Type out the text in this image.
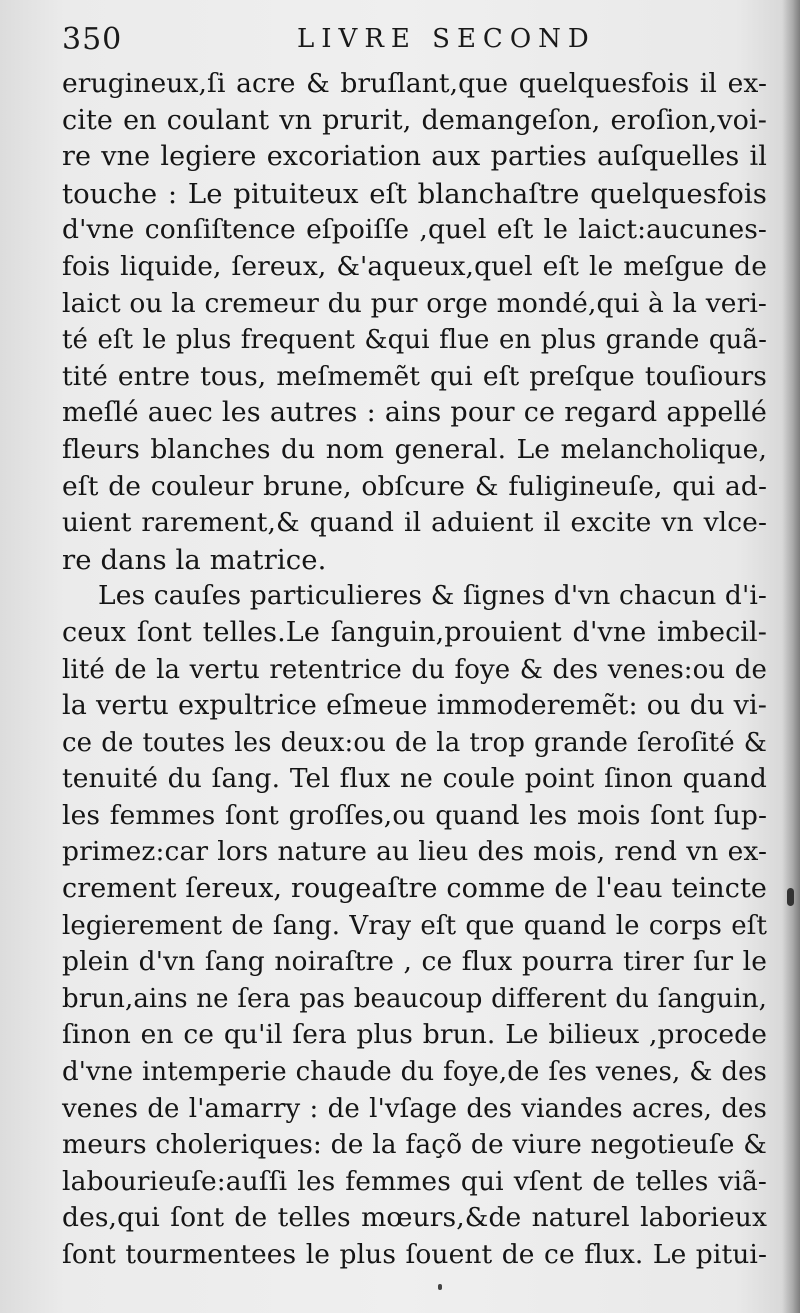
350	LIVRE SECOND
erugineux,ſi acre & bruſlant,que quelquesfois il ex-
cite en coulant vn prurit, demangeſon, eroſion,voi-
re vne legiere excoriation aux parties auſquelles il
touche : Le pituiteux eſt blanchaſtre quelquesfois
d'vne conſiſtence eſpoiſſe ,quel eſt le laict:aucunes-
fois liquide, ſereux, &'aqueux,quel eſt le meſgue de
laict ou la cremeur du pur orge mondé,qui à la veri-
té eſt le plus frequent &qui flue en plus grande quã-
tité entre tous, meſmemẽt qui eſt preſque touſiours
meſlé auec les autres : ains pour ce regard appellé
fleurs blanches du nom general. Le melancholique,
eſt de couleur brune, obſcure & fuligineuſe, qui ad-
uient rarement,& quand il aduient il excite vn vlce-
re dans la matrice.
Les cauſes particulieres & ſignes d'vn chacun d'i-
ceux ſont telles.Le ſanguin,prouient d'vne imbecil-
lité de la vertu retentrice du foye & des venes:ou de
la vertu expultrice eſmeue immoderemẽt: ou du vi-
ce de toutes les deux:ou de la trop grande ſeroſité &
tenuité du ſang. Tel flux ne coule point ſinon quand
les femmes ſont groſſes,ou quand les mois ſont ſup-
primez:car lors nature au lieu des mois, rend vn ex-
crement ſereux, rougeaſtre comme de l'eau teincte
legierement de ſang. Vray eſt que quand le corps eſt
plein d'vn ſang noiraſtre , ce flux pourra tirer ſur le
brun,ains ne ſera pas beaucoup different du ſanguin,
ſinon en ce qu'il ſera plus brun. Le bilieux ,procede
d'vne intemperie chaude du foye,de ſes venes, & des
venes de l'amarry : de l'vſage des viandes acres, des
meurs choleriques: de la façõ de viure negotieuſe &
labourieuſe:auſſi les femmes qui vſent de telles viã-
des,qui ſont de telles mœurs,&de naturel laborieux
ſont tourmentees le plus ſouent de ce flux. Le pitui-
